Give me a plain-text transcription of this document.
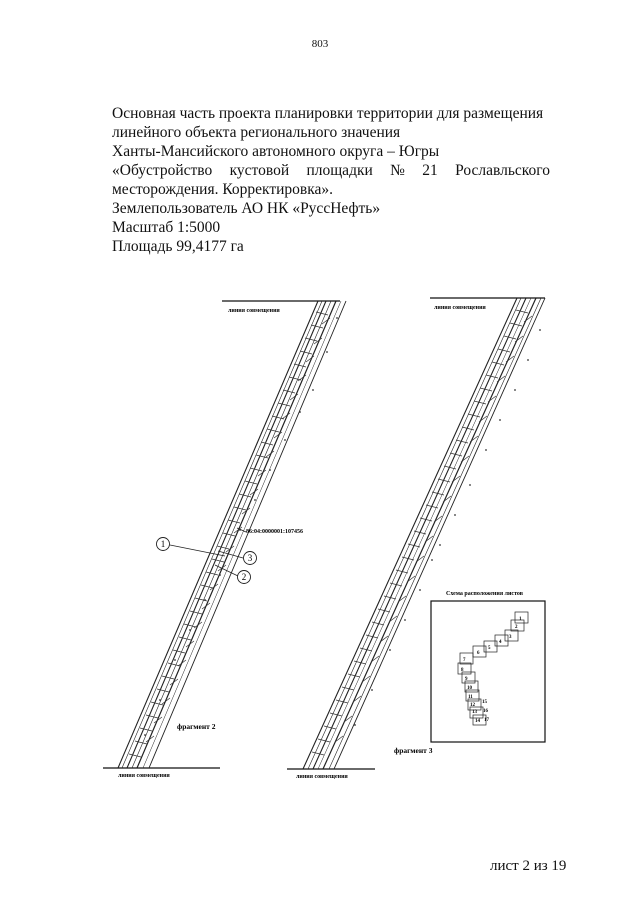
803
Основная часть проекта планировки территории для размещения
линейного объекта регионального значения
Ханты-Мансийского автономного округа – Югры
«Обустройство кустовой площадки № 21 Рославльского
месторождения. Корректировка».
Землепользователь АО НК «РуссНефть»
Масштаб 1:5000
Площадь 99,4177 га
линия совмещения
линия совмещения
86:04:0000001:107456
1
3
2
фрагмент 2
линия совмещения
линия совмещения
фрагмент 3
Схема расположения листов
1
2
3
4
5
6
7
8
9
10
11
12
13
14
15
16
17
лист 2 из 19
